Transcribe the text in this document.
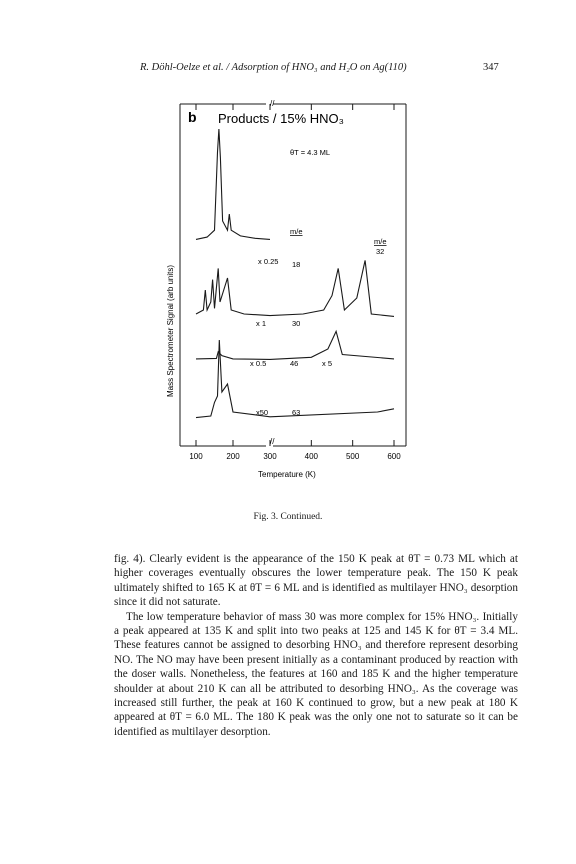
R. Döhl-Oelze et al. / Adsorption of HNO₃ and H₂O on Ag(110)	347
b Products / 15% HNO₃
θT = 4.3 ML
m/e
m/e
32
x 0.25 18
x 1	30
x 0.5	46	x 5
x50	63
//
//
100	200	300	400	500	600
Temperature (K)
Mass Spectrometer Signal (arb units)
Fig. 3. Continued.

fig. 4). Clearly evident is the appearance of the 150 K peak at θT = 0.73 ML which at higher coverages eventually obscures the lower temperature peak. The 150 K peak ultimately shifted to 165 K at θT = 6 ML and is identified as multilayer HNO₃ desorption since it did not saturate.

The low temperature behavior of mass 30 was more complex for 15% HNO₃. Initially a peak appeared at 135 K and split into two peaks at 125 and 145 K for θT = 3.4 ML. These features cannot be assigned to desorbing HNO₃ and therefore represent desorbing NO. The NO may have been present initially as a contaminant produced by reaction with the doser walls. Nonetheless, the features at 160 and 185 K and the higher temperature shoulder at about 210 K can all be attributed to desorbing HNO₃. As the coverage was increased still further, the peak at 160 K continued to grow, but a new peak at 180 K appeared at θT = 6.0 ML. The 180 K peak was the only one not to saturate so it can be identified as multilayer desorption.
